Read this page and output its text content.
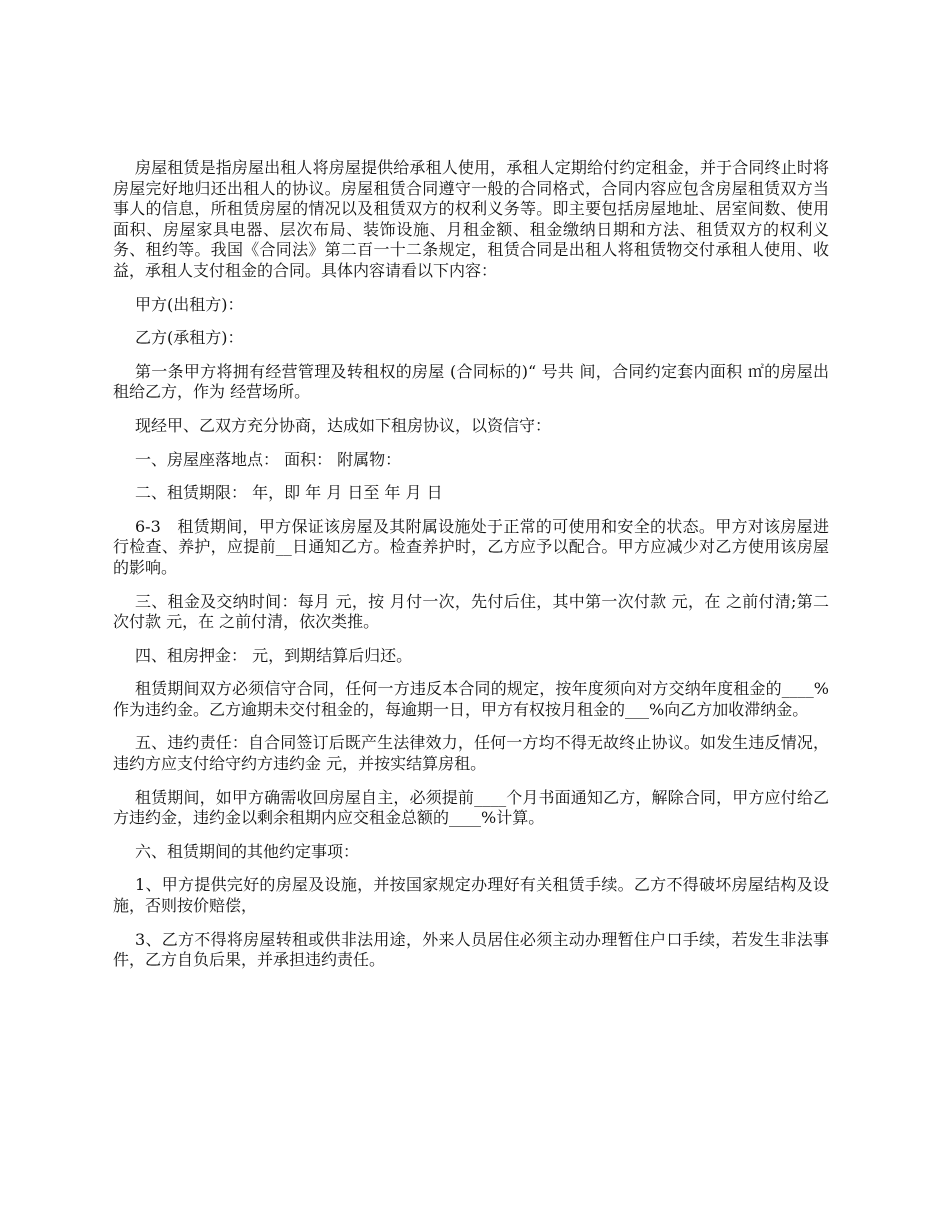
房屋租赁是指房屋出租人将房屋提供给承租人使用，承租人定期给付约定租金，并于合同终止时将房屋完好地归还出租人的协议。房屋租赁合同遵守一般的合同格式，合同内容应包含房屋租赁双方当事人的信息，所租赁房屋的情况以及租赁双方的权利义务等。即主要包括房屋地址、居室间数、使用面积、房屋家具电器、层次布局、装饰设施、月租金额、租金缴纳日期和方法、租赁双方的权利义务、租约等。我国《合同法》第二百一十二条规定，租赁合同是出租人将租赁物交付承租人使用、收益，承租人支付租金的合同。具体内容请看以下内容：

甲方(出租方)：

乙方(承租方)：

第一条甲方将拥有经营管理及转租权的房屋 (合同标的)“ 号共 间，合同约定套内面积 ㎡的房屋出租给乙方，作为 经营场所。

现经甲、乙双方充分协商，达成如下租房协议，以资信守：

一、房屋座落地点： 面积： 附属物：

二、租赁期限： 年，即 年 月 日至 年 月 日

6-3　租赁期间，甲方保证该房屋及其附属设施处于正常的可使用和安全的状态。甲方对该房屋进行检查、养护，应提前__日通知乙方。检查养护时，乙方应予以配合。甲方应减少对乙方使用该房屋的影响。

三、租金及交纳时间：每月 元，按 月付一次，先付后住，其中第一次付款 元，在 之前付清;第二次付款 元，在 之前付清，依次类推。

四、租房押金： 元，到期结算后归还。

租赁期间双方必须信守合同，任何一方违反本合同的规定，按年度须向对方交纳年度租金的____%作为违约金。乙方逾期未交付租金的，每逾期一日，甲方有权按月租金的___%向乙方加收滞纳金。

五、违约责任：自合同签订后既产生法律效力，任何一方均不得无故终止协议。如发生违反情况，违约方应支付给守约方违约金 元，并按实结算房租。

租赁期间，如甲方确需收回房屋自主，必须提前____个月书面通知乙方，解除合同，甲方应付给乙方违约金，违约金以剩余租期内应交租金总额的____%计算。

六、租赁期间的其他约定事项：

1、甲方提供完好的房屋及设施，并按国家规定办理好有关租赁手续。乙方不得破坏房屋结构及设施，否则按价赔偿，

3、乙方不得将房屋转租或供非法用途，外来人员居住必须主动办理暂住户口手续，若发生非法事件，乙方自负后果，并承担违约责任。
